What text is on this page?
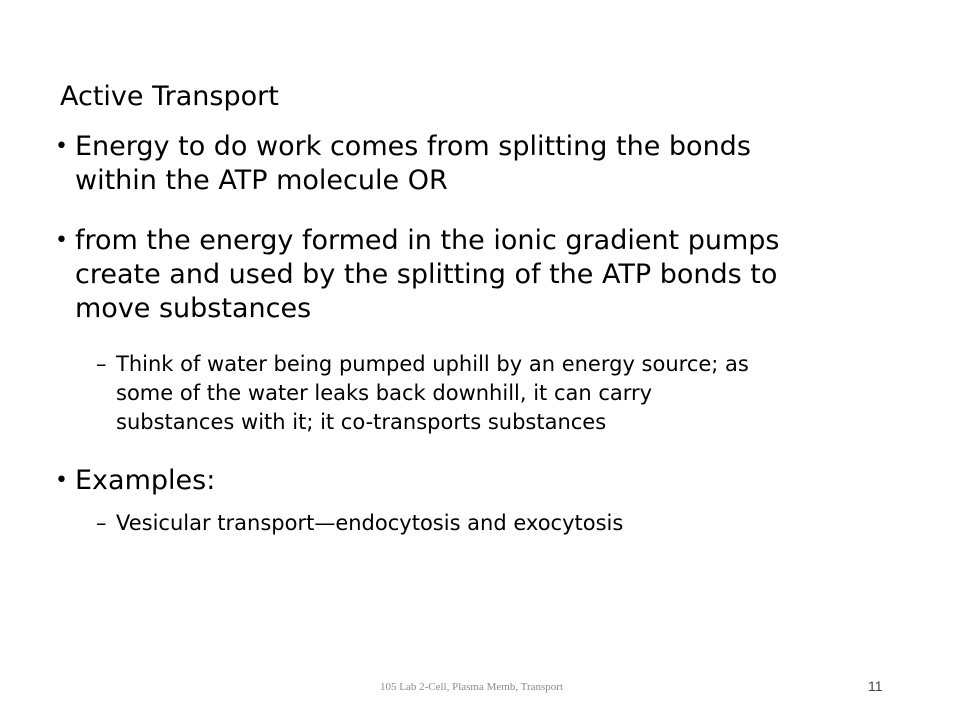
Active Transport
• Energy to do work comes from splitting the bonds
within the ATP molecule OR
• from the energy formed in the ionic gradient pumps
create and used by the splitting of the ATP bonds to
move substances
– Think of water being pumped uphill by an energy source; as
some of the water leaks back downhill, it can carry
substances with it; it co-transports substances
• Examples:
– Vesicular transport—endocytosis and exocytosis
105 Lab 2-Cell, Plasma Memb, Transport	11
